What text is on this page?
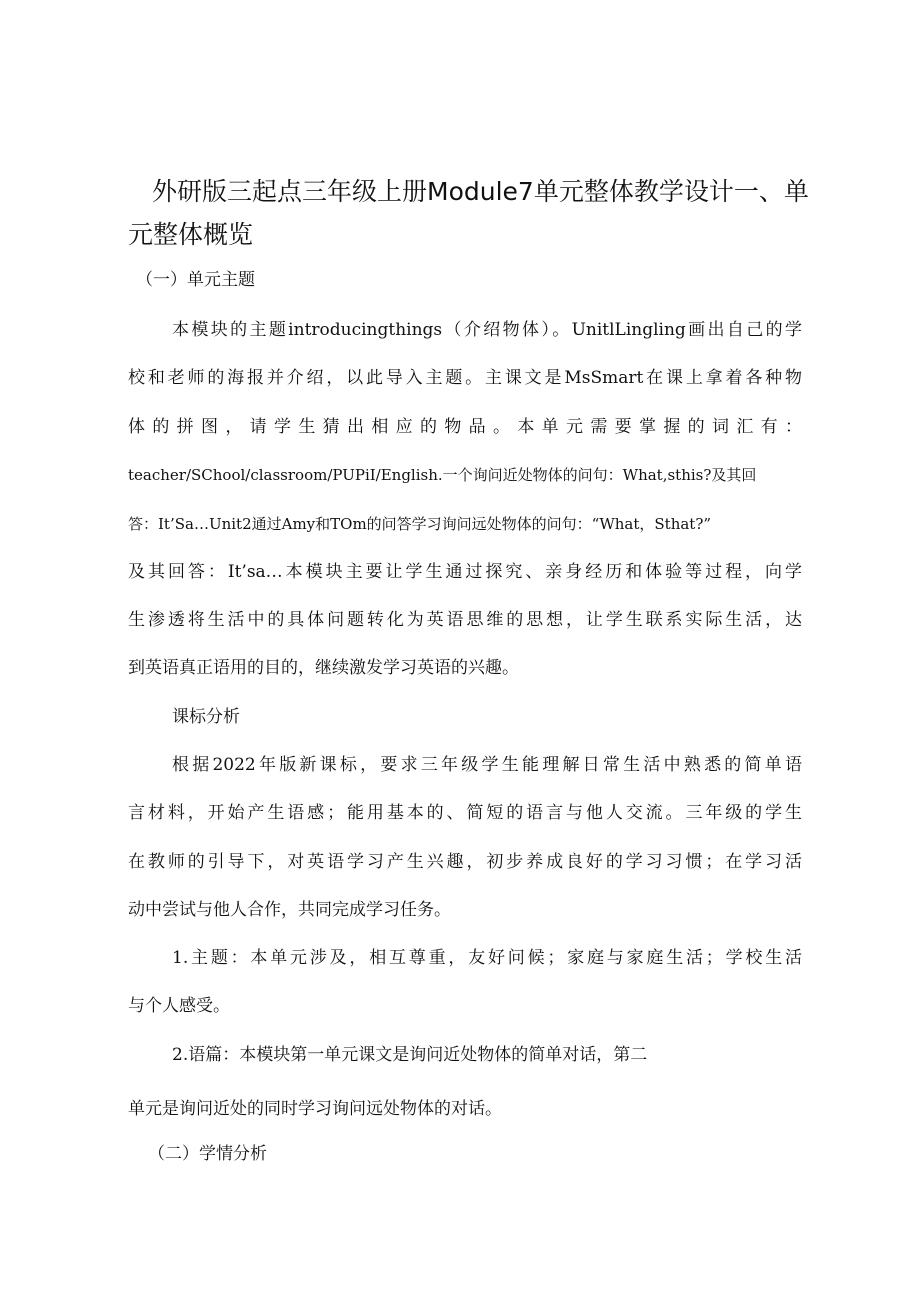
外研版三起点三年级上册Module7单元整体教学设计一、单元整体概览
（一）单元主题
本模块的主题introducingthings（介绍物体）。UnitlLingling画出自己的学
校和老师的海报并介绍，以此导入主题。主课文是MsSmart在课上拿着各种物
体的拼图，请学生猜出相应的物品。本单元需要掌握的词汇有：
teacher/SChool/classroom/PUPiI/English.一个询问近处物体的问句：What,sthis?及其回
答：It’Sa…Unit2通过Amy和TOm的问答学习询问远处物体的问句：“What，Sthat?”
及其回答：It’sa…本模块主要让学生通过探究、亲身经历和体验等过程，向学
生渗透将生活中的具体问题转化为英语思维的思想，让学生联系实际生活，达
到英语真正语用的目的，继续激发学习英语的兴趣。
课标分析
根据2022年版新课标，要求三年级学生能理解日常生活中熟悉的简单语
言材料，开始产生语感；能用基本的、简短的语言与他人交流。三年级的学生
在教师的引导下，对英语学习产生兴趣，初步养成良好的学习习惯；在学习活
动中尝试与他人合作，共同完成学习任务。
1.主题：本单元涉及，相互尊重，友好问候；家庭与家庭生活；学校生活
与个人感受。
2.语篇：本模块第一单元课文是询问近处物体的简单对话，第二
单元是询问近处的同时学习询问远处物体的对话。
（二）学情分析
